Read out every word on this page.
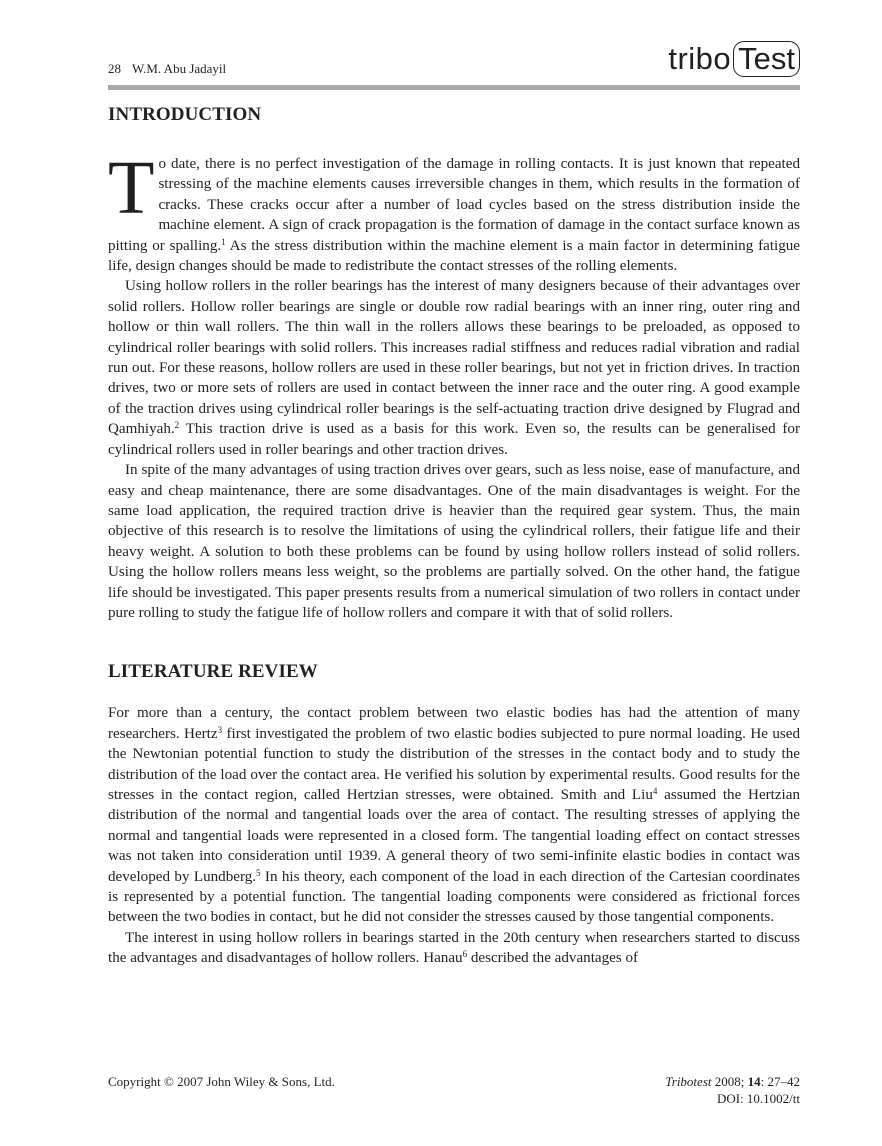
28 W.M. Abu Jadayil	tribo Test
INTRODUCTION

To date, there is no perfect investigation of the damage in rolling contacts. It is just known that repeated stressing of the machine elements causes irreversible changes in them, which results in the formation of cracks. These cracks occur after a number of load cycles based on the stress distribution inside the machine element. A sign of crack propagation is the formation of damage in the contact surface known as pitting or spalling.$^1$ As the stress distribution within the machine element is a main factor in determining fatigue life, design changes should be made to redistribute the contact stresses of the rolling elements.

Using hollow rollers in the roller bearings has the interest of many designers because of their advantages over solid rollers. Hollow roller bearings are single or double row radial bearings with an inner ring, outer ring and hollow or thin wall rollers. The thin wall in the rollers allows these bearings to be preloaded, as opposed to cylindrical roller bearings with solid rollers. This increases radial stiffness and reduces radial vibration and radial run out. For these reasons, hollow rollers are used in these roller bearings, but not yet in friction drives. In traction drives, two or more sets of rollers are used in contact between the inner race and the outer ring. A good example of the traction drives using cylindrical roller bearings is the self-actuating traction drive designed by Flugrad and Qamhiyah.$^2$ This traction drive is used as a basis for this work. Even so, the results can be generalised for cylindrical rollers used in roller bearings and other traction drives.

In spite of the many advantages of using traction drives over gears, such as less noise, ease of manufacture, and easy and cheap maintenance, there are some disadvantages. One of the main disadvantages is weight. For the same load application, the required traction drive is heavier than the required gear system. Thus, the main objective of this research is to resolve the limitations of using the cylindrical rollers, their fatigue life and their heavy weight. A solution to both these problems can be found by using hollow rollers instead of solid rollers. Using the hollow rollers means less weight, so the problems are partially solved. On the other hand, the fatigue life should be investigated. This paper presents results from a numerical simulation of two rollers in contact under pure rolling to study the fatigue life of hollow rollers and compare it with that of solid rollers.

LITERATURE REVIEW

For more than a century, the contact problem between two elastic bodies has had the attention of many researchers. Hertz$^3$ first investigated the problem of two elastic bodies subjected to pure normal loading. He used the Newtonian potential function to study the distribution of the stresses in the contact body and to study the distribution of the load over the contact area. He verified his solution by experimental results. Good results for the stresses in the contact region, called Hertzian stresses, were obtained. Smith and Liu$^4$ assumed the Hertzian distribution of the normal and tangential loads over the area of contact. The resulting stresses of applying the normal and tangential loads were represented in a closed form. The tangential loading effect on contact stresses was not taken into consideration until 1939. A general theory of two semi-infinite elastic bodies in contact was developed by Lundberg.$^5$ In his theory, each component of the load in each direction of the Cartesian coordinates is represented by a potential function. The tangential loading components were considered as frictional forces between the two bodies in contact, but he did not consider the stresses caused by those tangential components.

The interest in using hollow rollers in bearings started in the 20th century when researchers started to discuss the advantages and disadvantages of hollow rollers. Hanau$^6$ described the advantages of

Copyright © 2007 John Wiley & Sons, Ltd.	Tribotest 2008; 14: 27–42
DOI: 10.1002/tt
